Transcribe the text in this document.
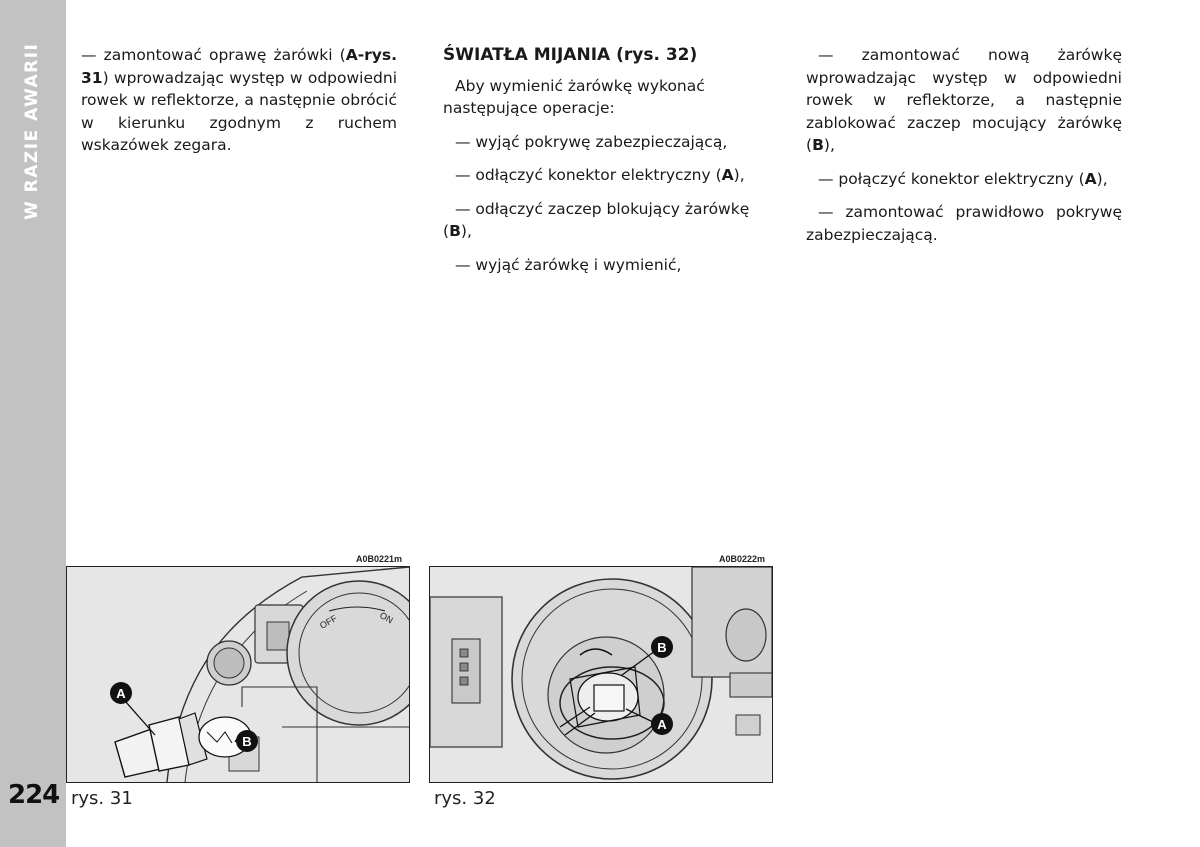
W RAZIE AWARII
224

— zamontować oprawę żarówki (A-rys. 31) wprowadzając występ w odpowiedni rowek w reflektorze, a następnie obrócić w kierunku zgodnym z ruchem wskazówek zegara.

ŚWIATŁA MIJANIA (rys. 32)

Aby wymienić żarówkę wykonać następujące operacje:

— wyjąć pokrywę zabezpieczającą,

— odłączyć konektor elektryczny (A),

— odłączyć zaczep blokujący żarówkę (B),

— wyjąć żarówkę i wymienić,

— zamontować nową żarówkę wprowadzając występ w odpowiedni rowek w reflektorze, a następnie zablokować zaczep mocujący żarówkę (B),

— połączyć konektor elektryczny (A),

— zamontować prawidłowo pokrywę zabezpieczającą.

A0B0221m
OFF	ON
A
B
rys. 31
A0B0222m
B
A
rys. 32
